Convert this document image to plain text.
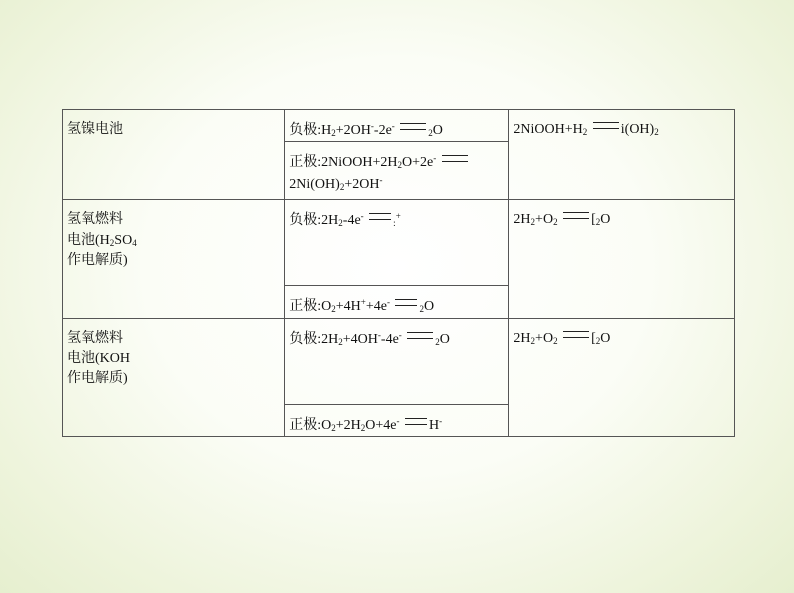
氢镍电池	负极$:H_2+2OH^--2e^-$ 2O	$2NiOOH+H_2$ $i(OH)_2$
	正极$:2NiOOH+2H_2O+2e^-$
$2Ni(OH)_2+2OH^-$
氢氧燃料
电池($H_2SO_4$
作电解质)	负极$:2H_2-4e^-$ :+	$2H_2+O_2$ [$_2O$
	正极$:O_2+4H^++4e^-$ 2O	
氢氧燃料
电池(KOH
作电解质)	负极$:2H_2+4OH^--4e^-$ 2O	$2H_2+O_2$ [$_2O$
	正极$:O_2+2H_2O+4e^-$ H-
